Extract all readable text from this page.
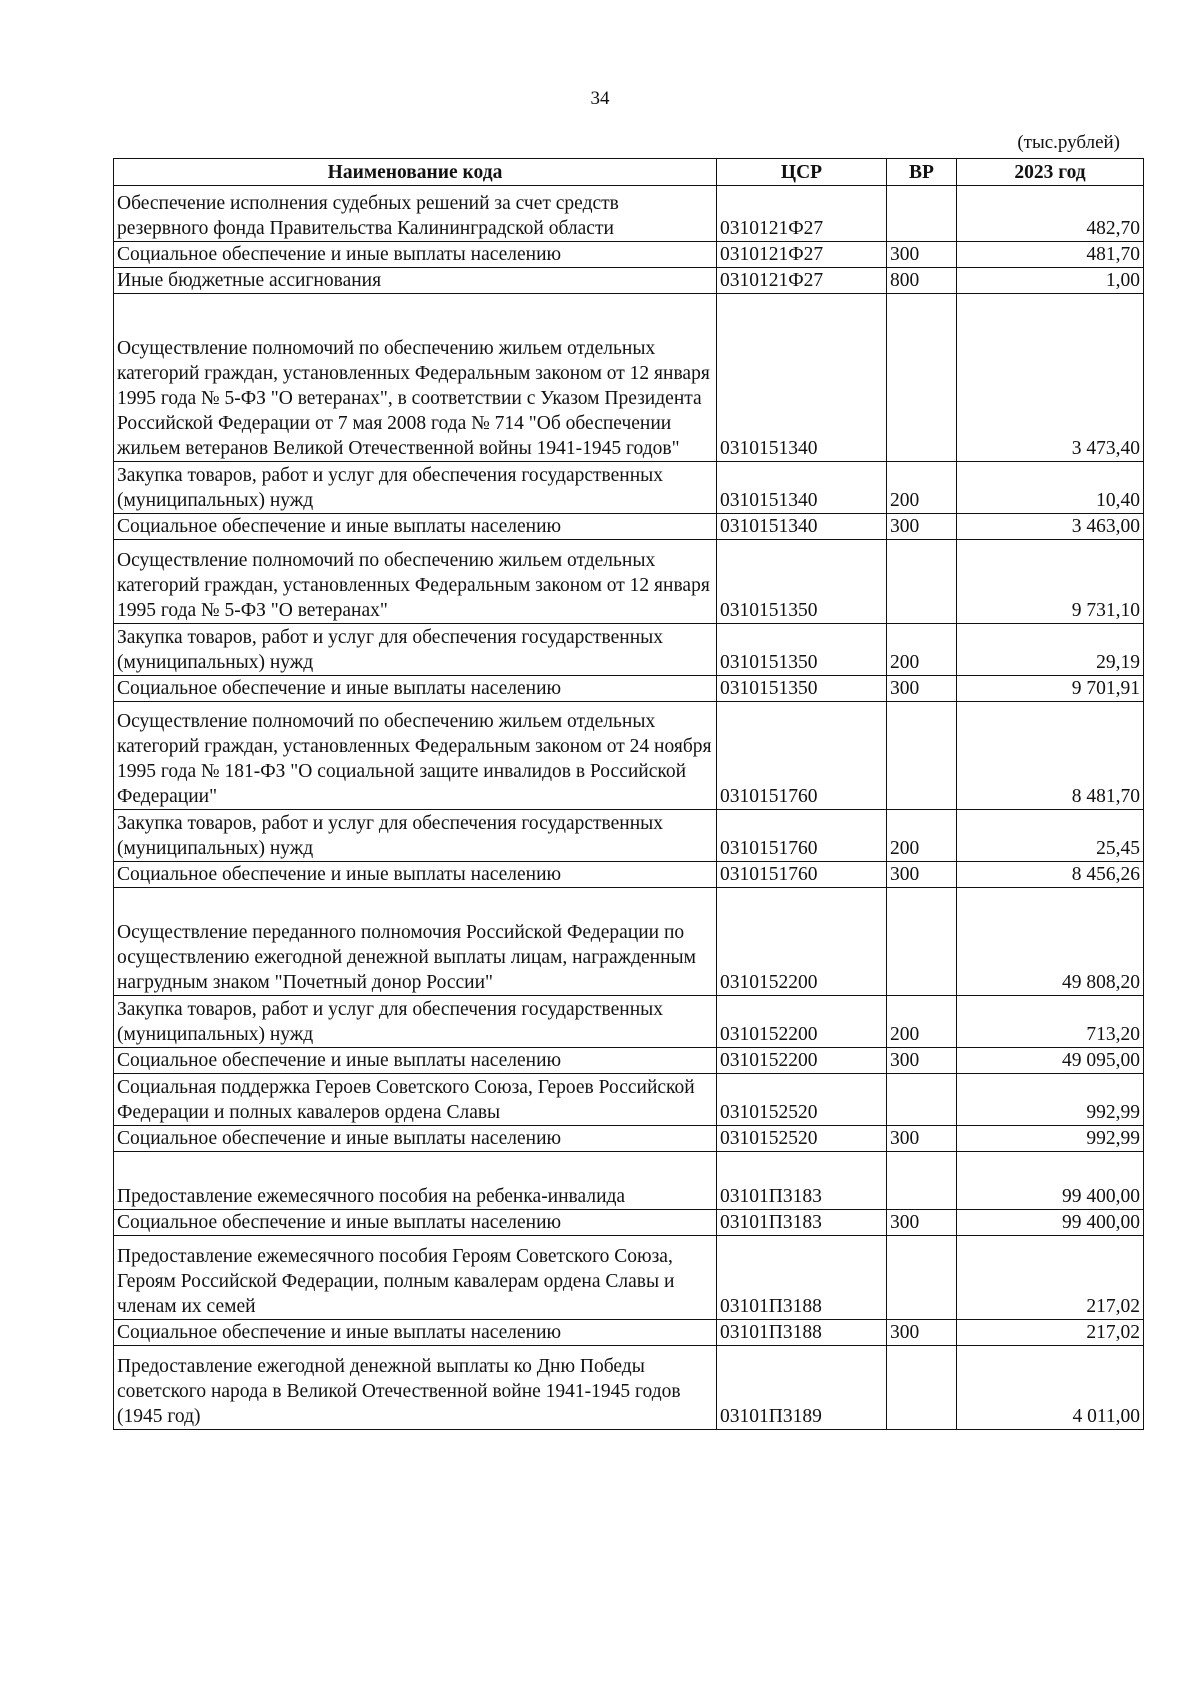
34
(тыс.рублей)
Наименование кода	ЦСР	ВР	2023 год
Обеспечение исполнения судебных решений за счет средств резервного фонда Правительства Калининградской области	0310121Ф27		482,70
Социальное обеспечение и иные выплаты населению	0310121Ф27	300	481,70
Иные бюджетные ассигнования	0310121Ф27	800	1,00
Осуществление полномочий по обеспечению жильем отдельных категорий граждан, установленных Федеральным законом от 12 января 1995 года № 5-ФЗ "О ветеранах", в соответствии с Указом Президента Российской Федерации от 7 мая 2008 года № 714 "Об обеспечении жильем ветеранов Великой Отечественной войны 1941-1945 годов"	0310151340		3 473,40
Закупка товаров, работ и услуг для обеспечения государственных (муниципальных) нужд	0310151340	200	10,40
Социальное обеспечение и иные выплаты населению	0310151340	300	3 463,00
Осуществление полномочий по обеспечению жильем отдельных категорий граждан, установленных Федеральным законом от 12 января 1995 года № 5-ФЗ "О ветеранах"	0310151350		9 731,10
Закупка товаров, работ и услуг для обеспечения государственных (муниципальных) нужд	0310151350	200	29,19
Социальное обеспечение и иные выплаты населению	0310151350	300	9 701,91
Осуществление полномочий по обеспечению жильем отдельных категорий граждан, установленных Федеральным законом от 24 ноября 1995 года № 181-ФЗ "О социальной защите инвалидов в Российской Федерации"	0310151760		8 481,70
Закупка товаров, работ и услуг для обеспечения государственных (муниципальных) нужд	0310151760	200	25,45
Социальное обеспечение и иные выплаты населению	0310151760	300	8 456,26
Осуществление переданного полномочия Российской Федерации по осуществлению ежегодной денежной выплаты лицам, награжденным нагрудным знаком "Почетный донор России"	0310152200		49 808,20
Закупка товаров, работ и услуг для обеспечения государственных (муниципальных) нужд	0310152200	200	713,20
Социальное обеспечение и иные выплаты населению	0310152200	300	49 095,00
Социальная поддержка Героев Советского Союза, Героев Российской Федерации и полных кавалеров ордена Славы	0310152520		992,99
Социальное обеспечение и иные выплаты населению	0310152520	300	992,99
Предоставление ежемесячного пособия на ребенка-инвалида	03101П3183		99 400,00
Социальное обеспечение и иные выплаты населению	03101П3183	300	99 400,00
Предоставление ежемесячного пособия Героям Советского Союза, Героям Российской Федерации, полным кавалерам ордена Славы и членам их семей	03101П3188		217,02
Социальное обеспечение и иные выплаты населению	03101П3188	300	217,02
Предоставление ежегодной денежной выплаты ко Дню Победы советского народа в Великой Отечественной войне 1941-1945 годов (1945 год)	03101П3189		4 011,00
